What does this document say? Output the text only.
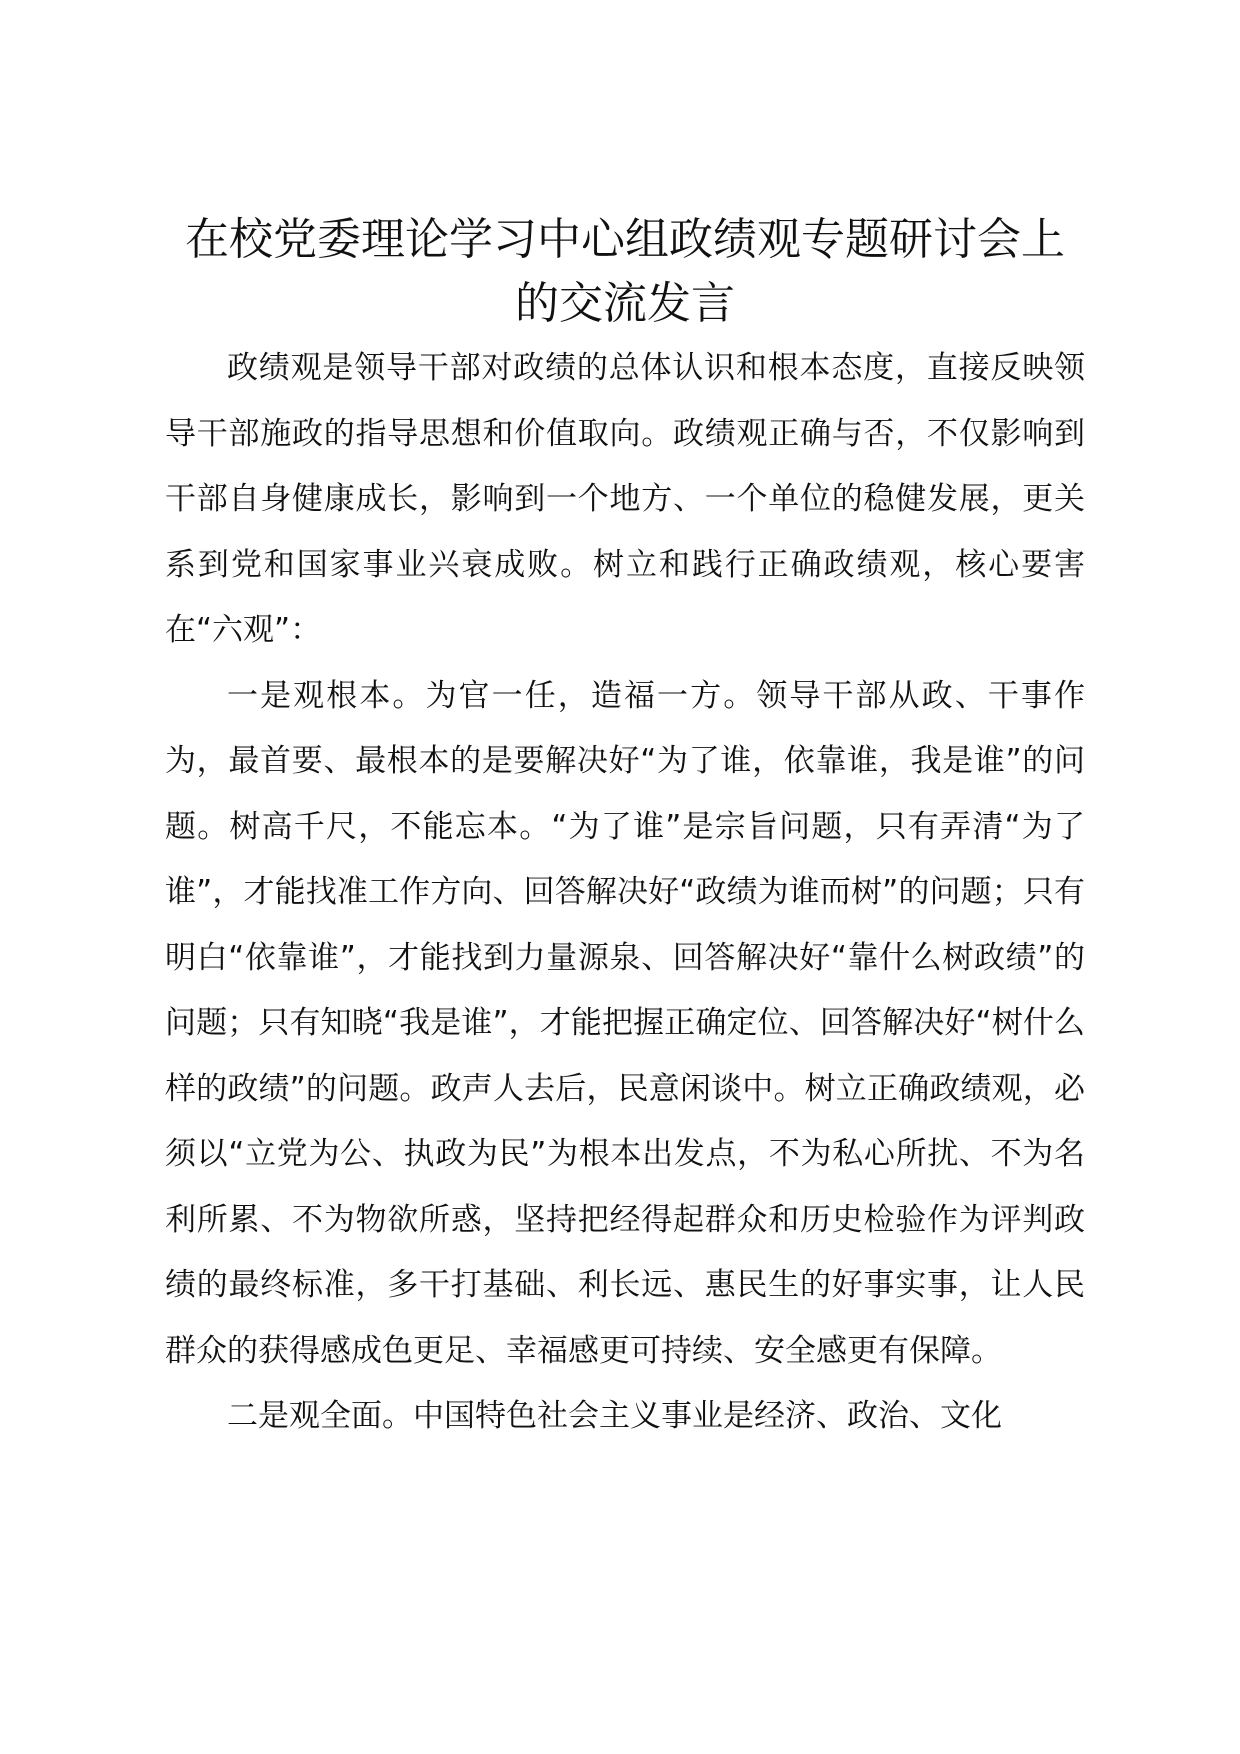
在校党委理论学习中心组政绩观专题研讨会上的交流发言

政绩观是领导干部对政绩的总体认识和根本态度，直接反映领导干部施政的指导思想和价值取向。政绩观正确与否，不仅影响到干部自身健康成长，影响到一个地方、一个单位的稳健发展，更关系到党和国家事业兴衰成败。树立和践行正确政绩观，核心要害在“六观”：

一是观根本。为官一任，造福一方。领导干部从政、干事作为，最首要、最根本的是要解决好“为了谁，依靠谁，我是谁”的问题。树高千尺，不能忘本。“为了谁”是宗旨问题，只有弄清“为了谁”，才能找准工作方向、回答解决好“政绩为谁而树”的问题；只有明白“依靠谁”，才能找到力量源泉、回答解决好“靠什么树政绩”的问题；只有知晓“我是谁”，才能把握正确定位、回答解决好“树什么样的政绩”的问题。政声人去后，民意闲谈中。树立正确政绩观，必须以“立党为公、执政为民”为根本出发点，不为私心所扰、不为名利所累、不为物欲所惑，坚持把经得起群众和历史检验作为评判政绩的最终标准，多干打基础、利长远、惠民生的好事实事，让人民群众的获得感成色更足、幸福感更可持续、安全感更有保障。

二是观全面。中国特色社会主义事业是经济、政治、文化
